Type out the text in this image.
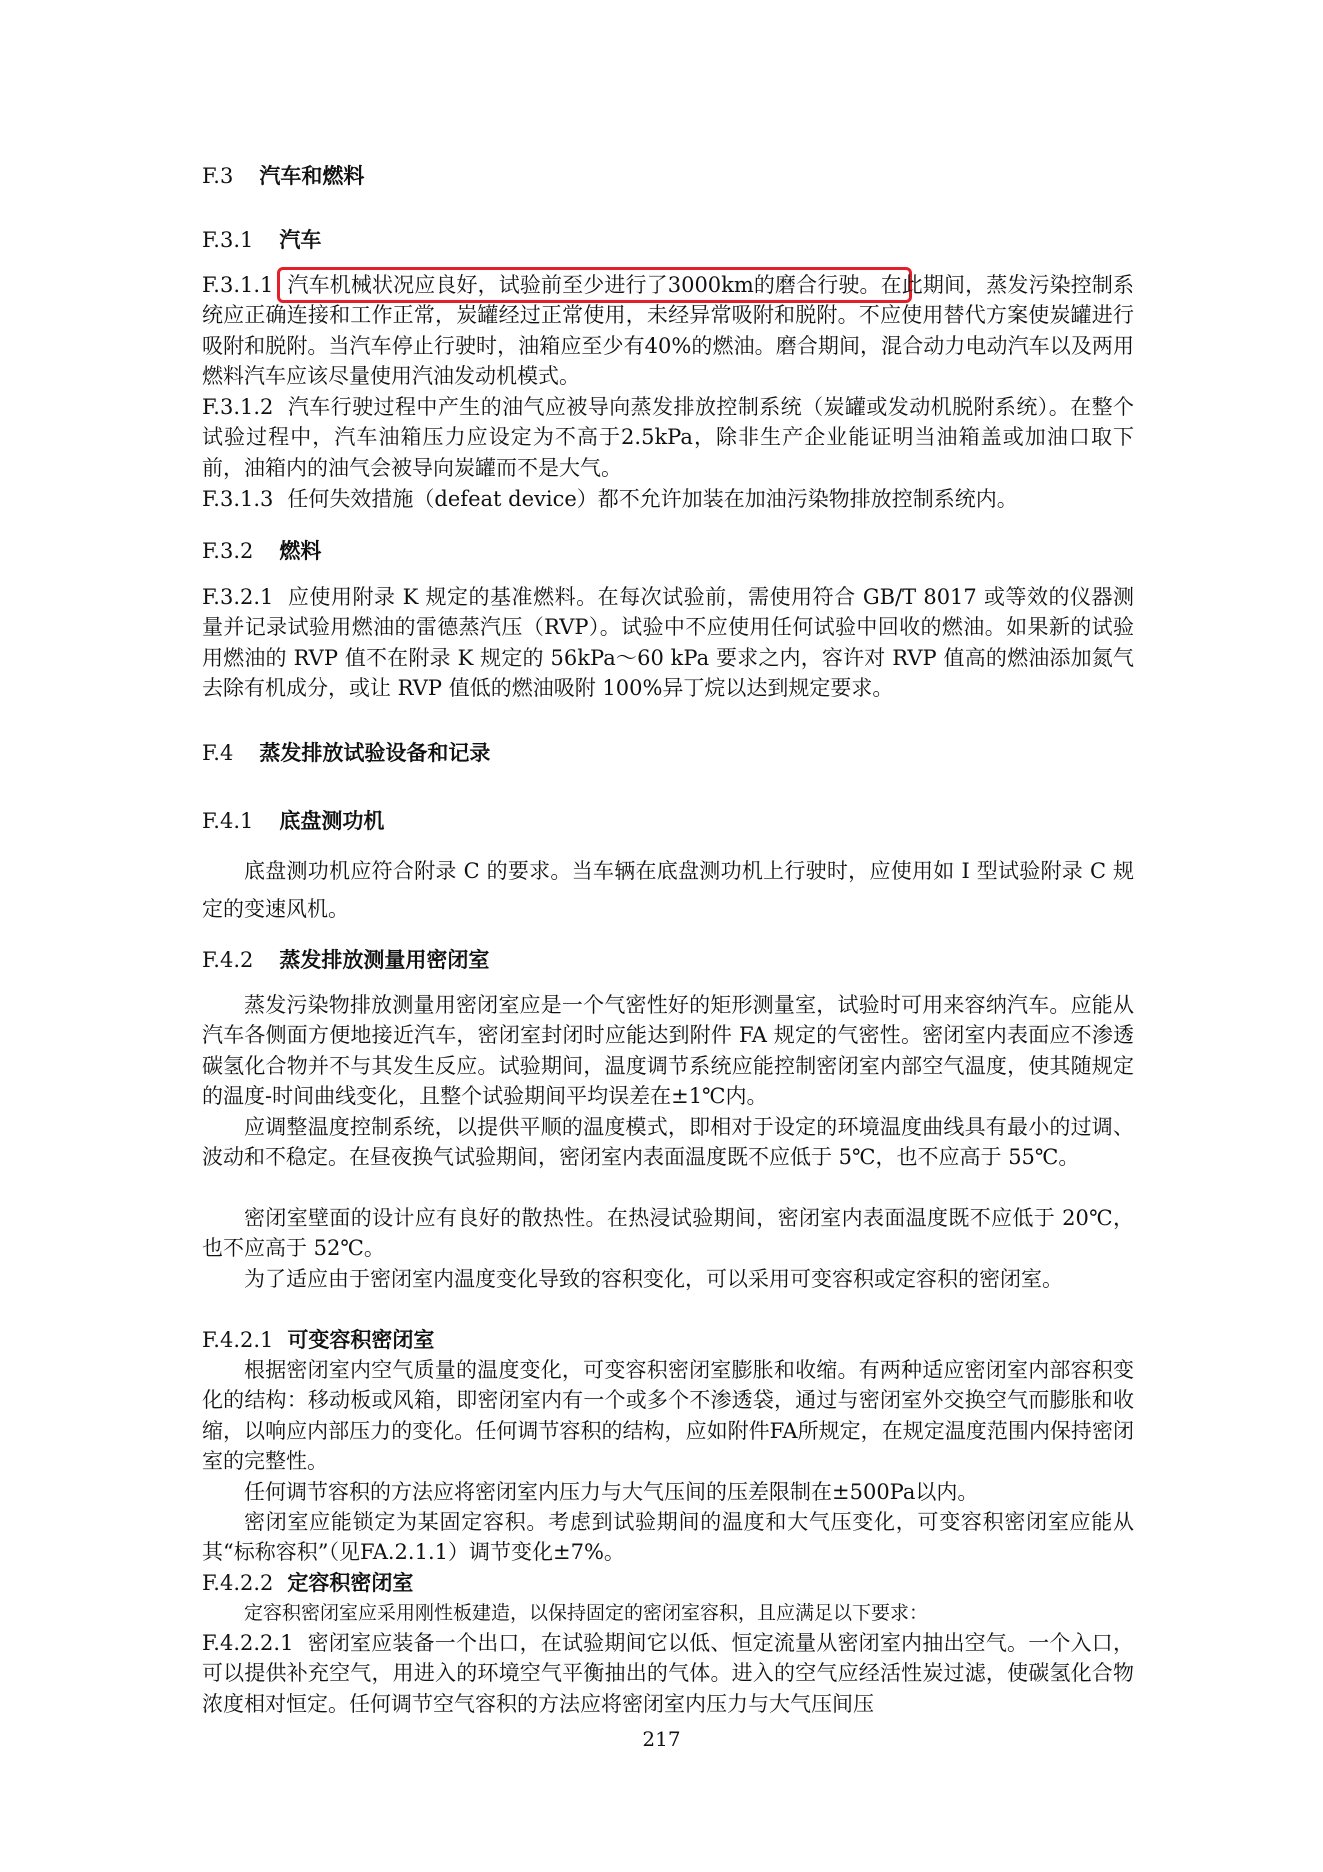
F.3 汽车和燃料
F.3.1 汽车
F.3.1.1 汽车机械状况应良好，试验前至少进行了3000km的磨合行驶。在此期间，蒸发污染控制系统应正确连接和工作正常，炭罐经过正常使用，未经异常吸附和脱附。不应使用替代方案使炭罐进行吸附和脱附。当汽车停止行驶时，油箱应至少有40%的燃油。磨合期间，混合动力电动汽车以及两用燃料汽车应该尽量使用汽油发动机模式。
F.3.1.2 汽车行驶过程中产生的油气应被导向蒸发排放控制系统（炭罐或发动机脱附系统）。在整个试验过程中，汽车油箱压力应设定为不高于2.5kPa，除非生产企业能证明当油箱盖或加油口取下前，油箱内的油气会被导向炭罐而不是大气。
F.3.1.3 任何失效措施（defeat device）都不允许加装在加油污染物排放控制系统内。
F.3.2 燃料
F.3.2.1 应使用附录 K 规定的基准燃料。在每次试验前，需使用符合 GB/T 8017 或等效的仪器测量并记录试验用燃油的雷德蒸汽压（RVP）。试验中不应使用任何试验中回收的燃油。如果新的试验用燃油的 RVP 值不在附录 K 规定的 56kPa～60 kPa 要求之内，容许对 RVP 值高的燃油添加氮气去除有机成分，或让 RVP 值低的燃油吸附 100%异丁烷以达到规定要求。
F.4 蒸发排放试验设备和记录
F.4.1 底盘测功机
底盘测功机应符合附录 C 的要求。当车辆在底盘测功机上行驶时，应使用如 I 型试验附录 C 规定的变速风机。
F.4.2 蒸发排放测量用密闭室
蒸发污染物排放测量用密闭室应是一个气密性好的矩形测量室，试验时可用来容纳汽车。应能从汽车各侧面方便地接近汽车，密闭室封闭时应能达到附件 FA 规定的气密性。密闭室内表面应不渗透碳氢化合物并不与其发生反应。试验期间，温度调节系统应能控制密闭室内部空气温度，使其随规定的温度-时间曲线变化，且整个试验期间平均误差在±1℃内。
应调整温度控制系统，以提供平顺的温度模式，即相对于设定的环境温度曲线具有最小的过调、波动和不稳定。在昼夜换气试验期间，密闭室内表面温度既不应低于 5℃，也不应高于 55℃。
密闭室壁面的设计应有良好的散热性。在热浸试验期间，密闭室内表面温度既不应低于 20℃，也不应高于 52℃。
为了适应由于密闭室内温度变化导致的容积变化，可以采用可变容积或定容积的密闭室。
F.4.2.1 可变容积密闭室
根据密闭室内空气质量的温度变化，可变容积密闭室膨胀和收缩。有两种适应密闭室内部容积变化的结构：移动板或风箱，即密闭室内有一个或多个不渗透袋，通过与密闭室外交换空气而膨胀和收缩，以响应内部压力的变化。任何调节容积的结构，应如附件FA所规定，在规定温度范围内保持密闭室的完整性。
任何调节容积的方法应将密闭室内压力与大气压间的压差限制在±500Pa以内。
密闭室应能锁定为某固定容积。考虑到试验期间的温度和大气压变化，可变容积密闭室应能从其“标称容积”（见FA.2.1.1）调节变化±7%。
F.4.2.2 定容积密闭室
定容积密闭室应采用刚性板建造，以保持固定的密闭室容积，且应满足以下要求：
F.4.2.2.1 密闭室应装备一个出口，在试验期间它以低、恒定流量从密闭室内抽出空气。一个入口，可以提供补充空气，用进入的环境空气平衡抽出的气体。进入的空气应经活性炭过滤，使碳氢化合物浓度相对恒定。任何调节空气容积的方法应将密闭室内压力与大气压间压
217
